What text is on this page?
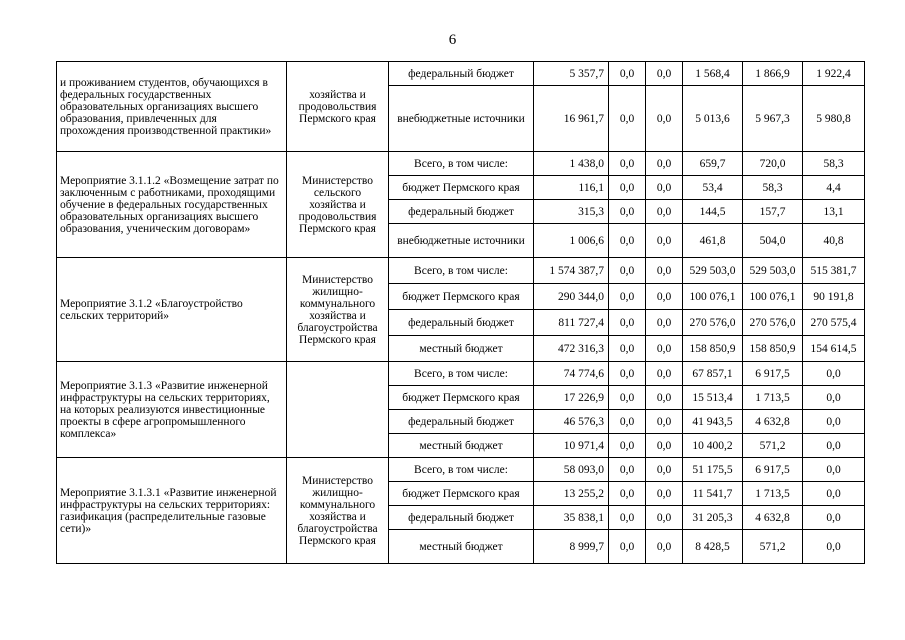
6
и проживанием студентов, обучающихся в федеральных государственных образовательных организациях высшего образования, привлеченных для прохождения производственной практики»	хозяйства и продовольствия Пермского края	федеральный бюджет	5 357,7	0,0	0,0	1 568,4	1 866,9	1 922,4
		внебюджетные источники	16 961,7	0,0	0,0	5 013,6	5 967,3	5 980,8
Мероприятие 3.1.1.2 «Возмещение затрат по заключенным с работниками, проходящими обучение в федеральных государственных образовательных организациях высшего образования, ученическим договорам»	Министерство сельского хозяйства и продовольствия Пермского края	Всего, в том числе:	1 438,0	0,0	0,0	659,7	720,0	58,3
		бюджет Пермского края	116,1	0,0	0,0	53,4	58,3	4,4
		федеральный бюджет	315,3	0,0	0,0	144,5	157,7	13,1
		внебюджетные источники	1 006,6	0,0	0,0	461,8	504,0	40,8
Мероприятие 3.1.2 «Благоустройство сельских территорий»	Министерство жилищно-коммунального хозяйства и благоустройства Пермского края	Всего, в том числе:	1 574 387,7	0,0	0,0	529 503,0	529 503,0	515 381,7
		бюджет Пермского края	290 344,0	0,0	0,0	100 076,1	100 076,1	90 191,8
		федеральный бюджет	811 727,4	0,0	0,0	270 576,0	270 576,0	270 575,4
		местный бюджет	472 316,3	0,0	0,0	158 850,9	158 850,9	154 614,5
Мероприятие 3.1.3 «Развитие инженерной инфраструктуры на сельских территориях, на которых реализуются инвестиционные проекты в сфере агропромышленного комплекса»		Всего, в том числе:	74 774,6	0,0	0,0	67 857,1	6 917,5	0,0
		бюджет Пермского края	17 226,9	0,0	0,0	15 513,4	1 713,5	0,0
		федеральный бюджет	46 576,3	0,0	0,0	41 943,5	4 632,8	0,0
		местный бюджет	10 971,4	0,0	0,0	10 400,2	571,2	0,0
Мероприятие 3.1.3.1 «Развитие инженерной инфраструктуры на сельских территориях: газификация (распределительные газовые сети)»	Министерство жилищно-коммунального хозяйства и благоустройства Пермского края	Всего, в том числе:	58 093,0	0,0	0,0	51 175,5	6 917,5	0,0
		бюджет Пермского края	13 255,2	0,0	0,0	11 541,7	1 713,5	0,0
		федеральный бюджет	35 838,1	0,0	0,0	31 205,3	4 632,8	0,0
		местный бюджет	8 999,7	0,0	0,0	8 428,5	571,2	0,0
